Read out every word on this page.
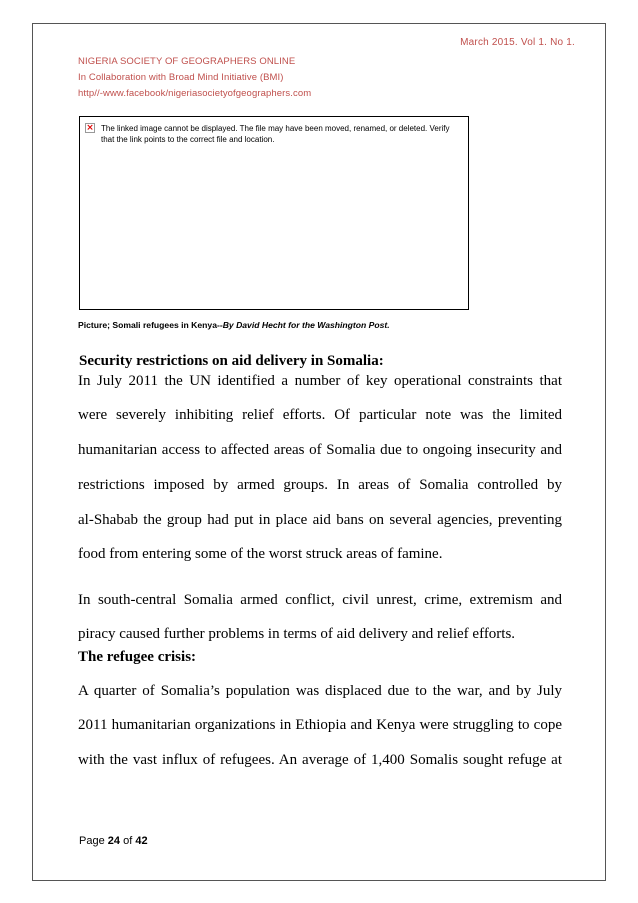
March 2015. Vol 1. No 1.
NIGERIA SOCIETY OF GEOGRAPHERS ONLINE
In Collaboration with Broad Mind Initiative (BMI)
http//-www.facebook/nigeriasocietyofgeographers.com
× The linked image cannot be displayed. The file may have been moved, renamed, or deleted. Verify that the link points to the correct file and location.
Picture; Somali refugees in Kenya--By David Hecht for the Washington Post.
Security restrictions on aid delivery in Somalia:

In July 2011 the UN identified a number of key operational constraints that

were severely inhibiting relief efforts. Of particular note was the limited

humanitarian access to affected areas of Somalia due to ongoing insecurity and

restrictions imposed by armed groups. In areas of Somalia controlled by

al-Shabab the group had put in place aid bans on several agencies, preventing

food from entering some of the worst struck areas of famine.

In south-central Somalia armed conflict, civil unrest, crime, extremism and

piracy caused further problems in terms of aid delivery and relief efforts.

The refugee crisis:

A quarter of Somalia’s population was displaced due to the war, and by July

2011 humanitarian organizations in Ethiopia and Kenya were struggling to cope

with the vast influx of refugees. An average of 1,400 Somalis sought refuge at

Page 24 of 42
